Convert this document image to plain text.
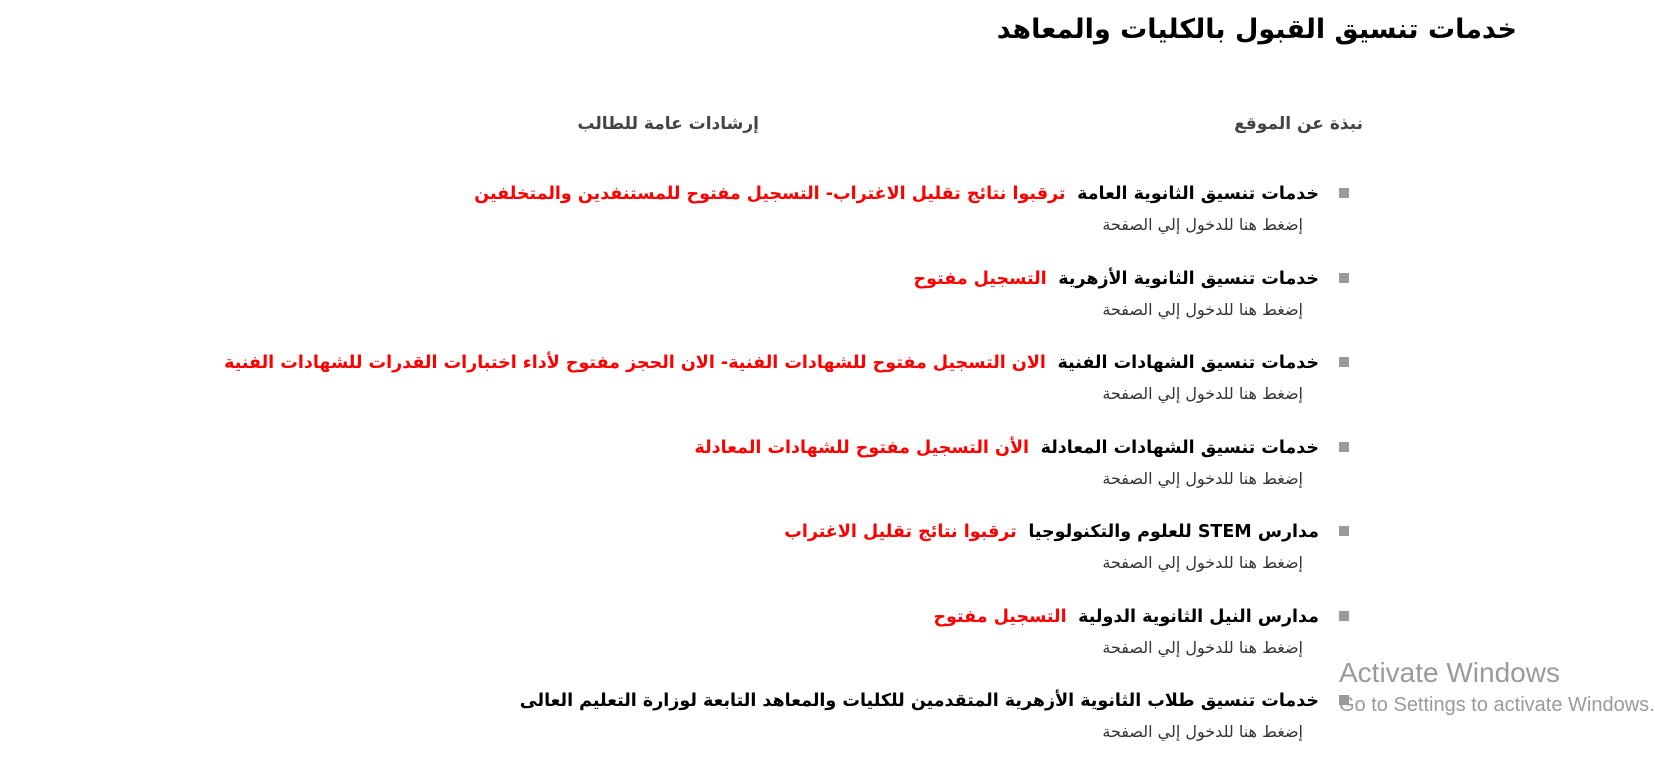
خدمات تنسيق القبول بالكليات والمعاهد
نبذة عن الموقع
إرشادات عامة للطالب
خدمات تنسيق الثانوية العامة ترقبوا نتائج تقليل الاغتراب- التسجيل مفتوح للمستنفدين والمتخلفين
إضغط هنا للدخول إلي الصفحة
خدمات تنسيق الثانوية الأزهرية التسجيل مفتوح
إضغط هنا للدخول إلي الصفحة
خدمات تنسيق الشهادات الفنية الان التسجيل مفتوح للشهادات الفنية- الان الحجز مفتوح لأداء اختبارات القدرات للشهادات الفنية
إضغط هنا للدخول إلي الصفحة
خدمات تنسيق الشهادات المعادلة الأن التسجيل مفتوح للشهادات المعادلة
إضغط هنا للدخول إلي الصفحة
مدارس STEM للعلوم والتكنولوجيا ترقبوا نتائج تقليل الاغتراب
إضغط هنا للدخول إلي الصفحة
مدارس النيل الثانوية الدولية التسجيل مفتوح
إضغط هنا للدخول إلي الصفحة
خدمات تنسيق طلاب الثانوية الأزهرية المتقدمين للكليات والمعاهد التابعة لوزارة التعليم العالى
إضغط هنا للدخول إلي الصفحة
Activate Windows
Go to Settings to activate Windows.
